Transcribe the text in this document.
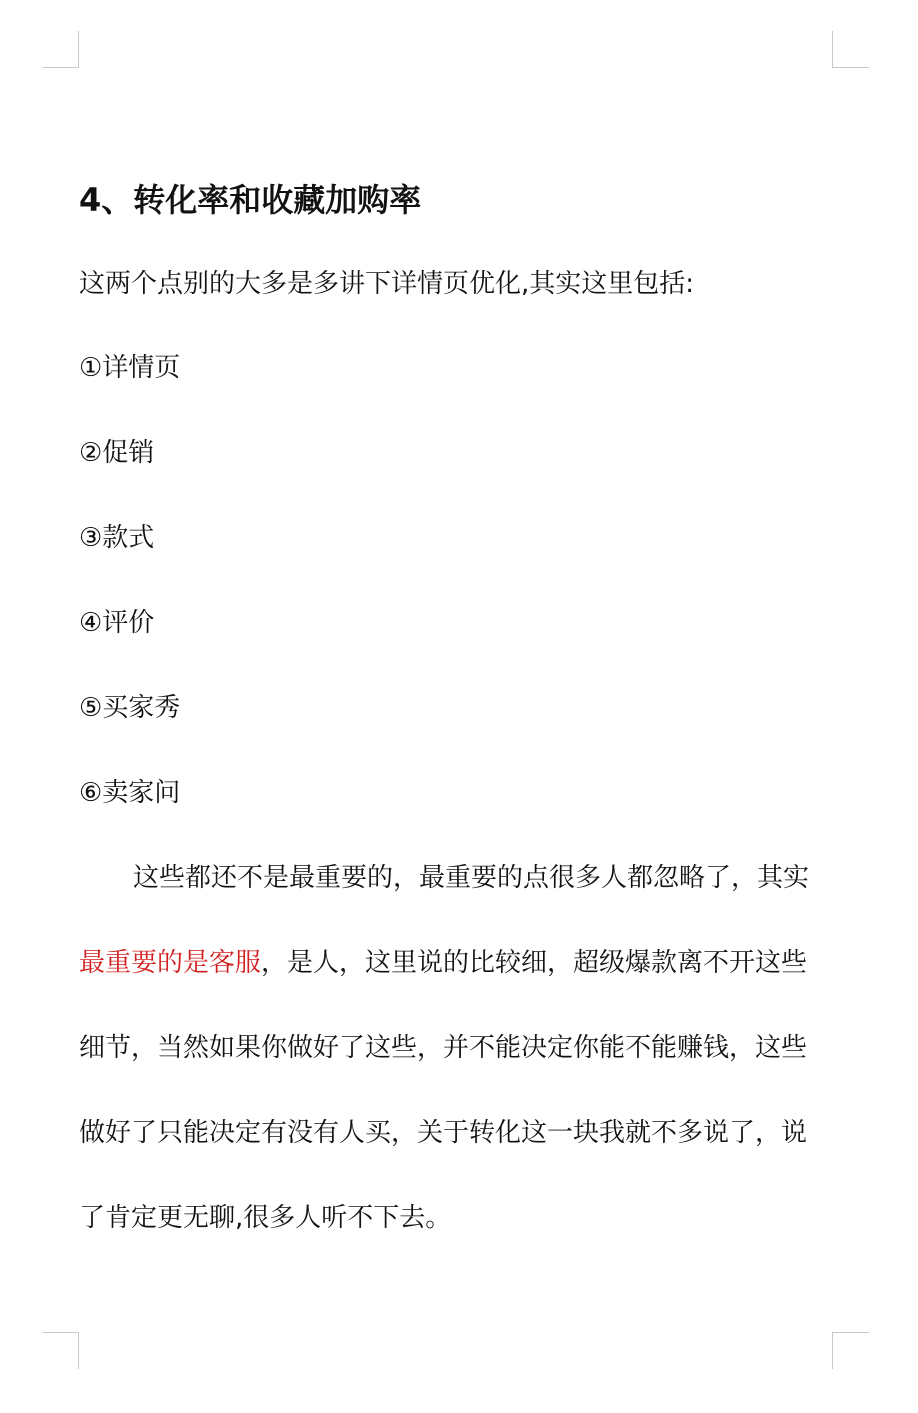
4、转化率和收藏加购率
这两个点别的大多是多讲下详情页优化,其实这里包括:
①详情页
②促销
③款式
④评价
⑤买家秀
⑥卖家问
这些都还不是最重要的，最重要的点很多人都忽略了，其实
最重要的是客服，是人，这里说的比较细，超级爆款离不开这些
细节，当然如果你做好了这些，并不能决定你能不能赚钱，这些
做好了只能决定有没有人买，关于转化这一块我就不多说了，说
了肯定更无聊,很多人听不下去。
